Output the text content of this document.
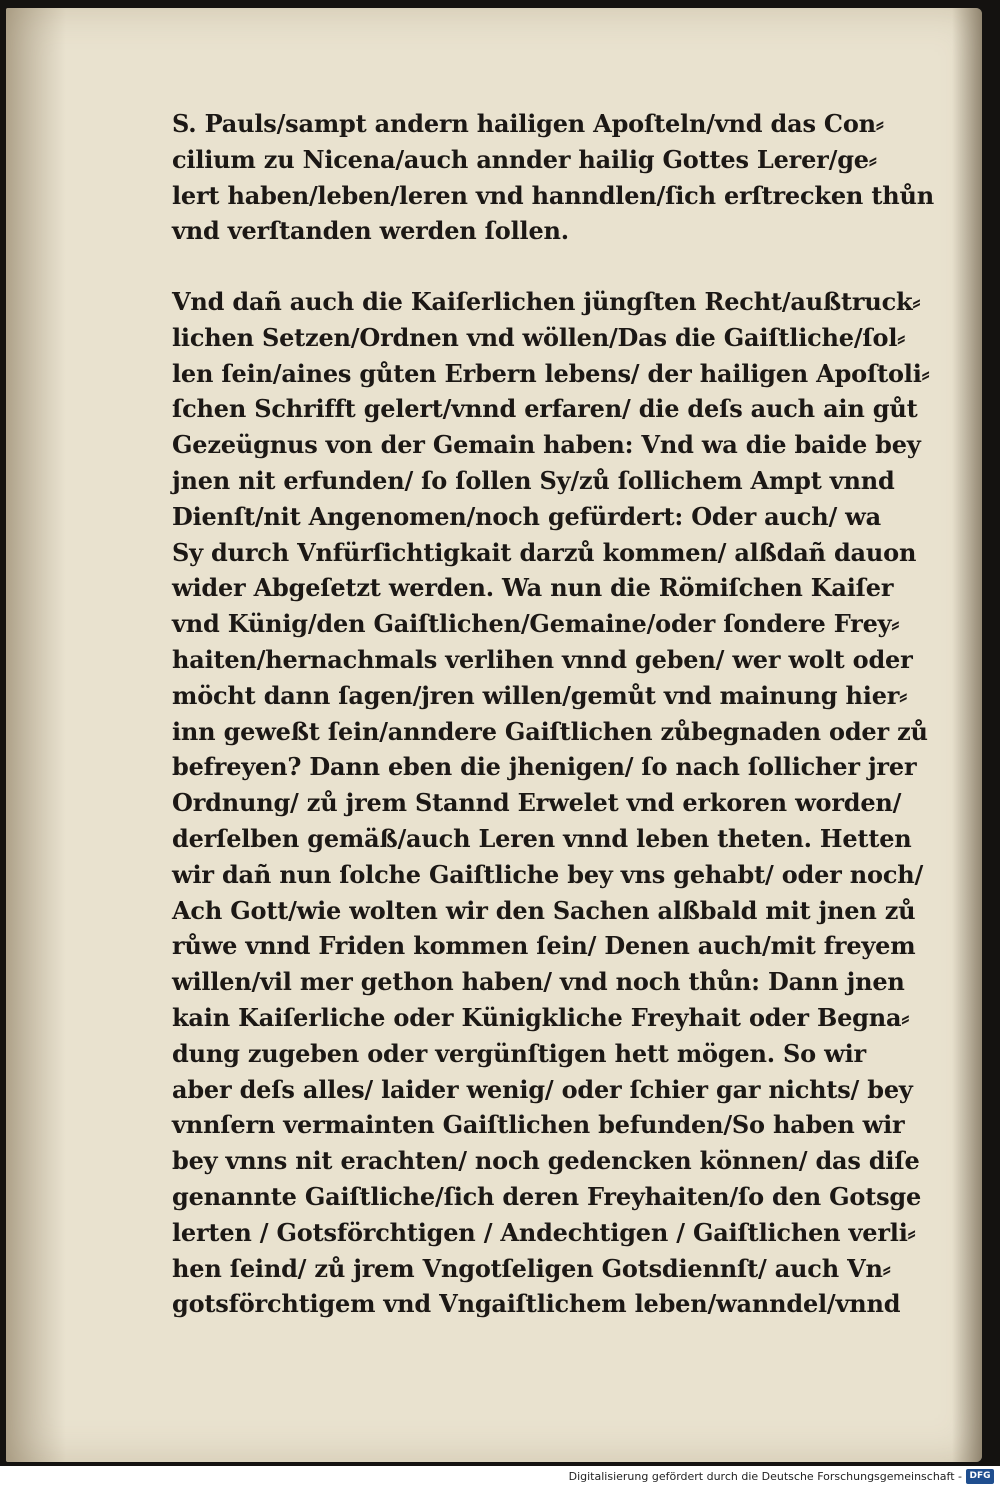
S. Pauls/sampt andern hailigen Apoſteln/vnd das Con⸗
cilium zu Nicena/auch annder hailig Gottes Lerer/ge⸗
lert haben/leben/leren vnd hanndlen/ſich erſtrecken thůn
vnd verſtanden werden ſollen.
Vnd dañ auch die Kaiſerlichen jüngſten Recht/außtruck⸗
lichen Setzen/Ordnen vnd wöllen/Das die Gaiſtliche/ſol⸗
len ſein/aines gůten Erbern lebens/ der hailigen Apoſtoli⸗
ſchen Schrifft gelert/vnnd erfaren/ die deſs auch ain gůt
Gezeügnus von der Gemain haben: Vnd wa die baide bey
jnen nit erfunden/ ſo ſollen Sy/zů ſollichem Ampt vnnd
Dienſt/nit Angenomen/noch gefürdert: Oder auch/ wa
Sy durch Vnfürſichtigkait darzů kommen/ alßdañ dauon
wider Abgeſetzt werden. Wa nun die Römiſchen Kaiſer
vnd Künig/den Gaiſtlichen/Gemaine/oder ſondere Frey⸗
haiten/hernachmals verlihen vnnd geben/ wer wolt oder
möcht dann ſagen/jren willen/gemůt vnd mainung hier⸗
inn geweßt ſein/anndere Gaiſtlichen zůbegnaden oder zů
befreyen? Dann eben die jhenigen/ ſo nach ſollicher jrer
Ordnung/ zů jrem Stannd Erwelet vnd erkoren worden/
derſelben gemäß/auch Leren vnnd leben theten. Hetten
wir dañ nun ſolche Gaiſtliche bey vns gehabt/ oder noch/
Ach Gott/wie wolten wir den Sachen alßbald mit jnen zů
růwe vnnd Friden kommen ſein/ Denen auch/mit freyem
willen/vil mer gethon haben/ vnd noch thůn: Dann jnen
kain Kaiſerliche oder Künigkliche Freyhait oder Begna⸗
dung zugeben oder vergünſtigen hett mögen. So wir
aber deſs alles/ laider wenig/ oder ſchier gar nichts/ bey
vnnſern vermainten Gaiſtlichen befunden/So haben wir
bey vnns nit erachten/ noch gedencken können/ das diſe
genannte Gaiſtliche/ſich deren Freyhaiten/ſo den Gotsge
lerten / Gotsförchtigen / Andechtigen / Gaiſtlichen verli⸗
hen ſeind/ zů jrem Vngotſeligen Gotsdiennſt/ auch Vn⸗
gotsförchtigem vnd Vngaiſtlichem leben/wanndel/vnnd
Digitalisierung gefördert durch die Deutsche Forschungsgemeinschaft - DFG
